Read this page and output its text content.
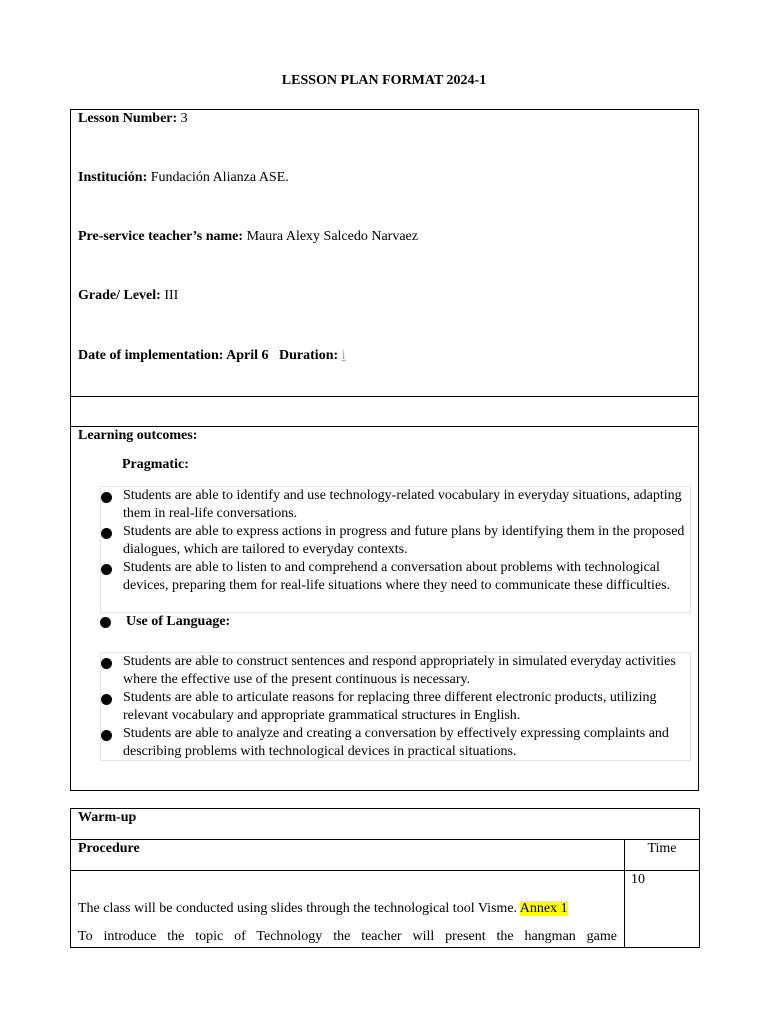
LESSON PLAN FORMAT 2024-1
Lesson Number: 3
Institución: Fundación Alianza ASE.
Pre-service teacher’s name: Maura Alexy Salcedo Narvaez
Grade/ Level: III
Date of implementation: April 6 Duration: i
Learning outcomes:
Pragmatic:
Students are able to identify and use technology-related vocabulary in everyday situations, adapting them in real-life conversations.
Students are able to express actions in progress and future plans by identifying them in the proposed dialogues, which are tailored to everyday contexts.
Students are able to listen to and comprehend a conversation about problems with technological devices, preparing them for real-life situations where they need to communicate these difficulties.
Use of Language:
Students are able to construct sentences and respond appropriately in simulated everyday activities where the effective use of the present continuous is necessary.
Students are able to articulate reasons for replacing three different electronic products, utilizing relevant vocabulary and appropriate grammatical structures in English.
Students are able to analyze and creating a conversation by effectively expressing complaints and describing problems with technological devices in practical situations.
Warm-up	
Procedure	Time

The class will be conducted using slides through the technological tool Visme. Annex 1
To introduce the topic of Technology the teacher will present the hangman game	10
